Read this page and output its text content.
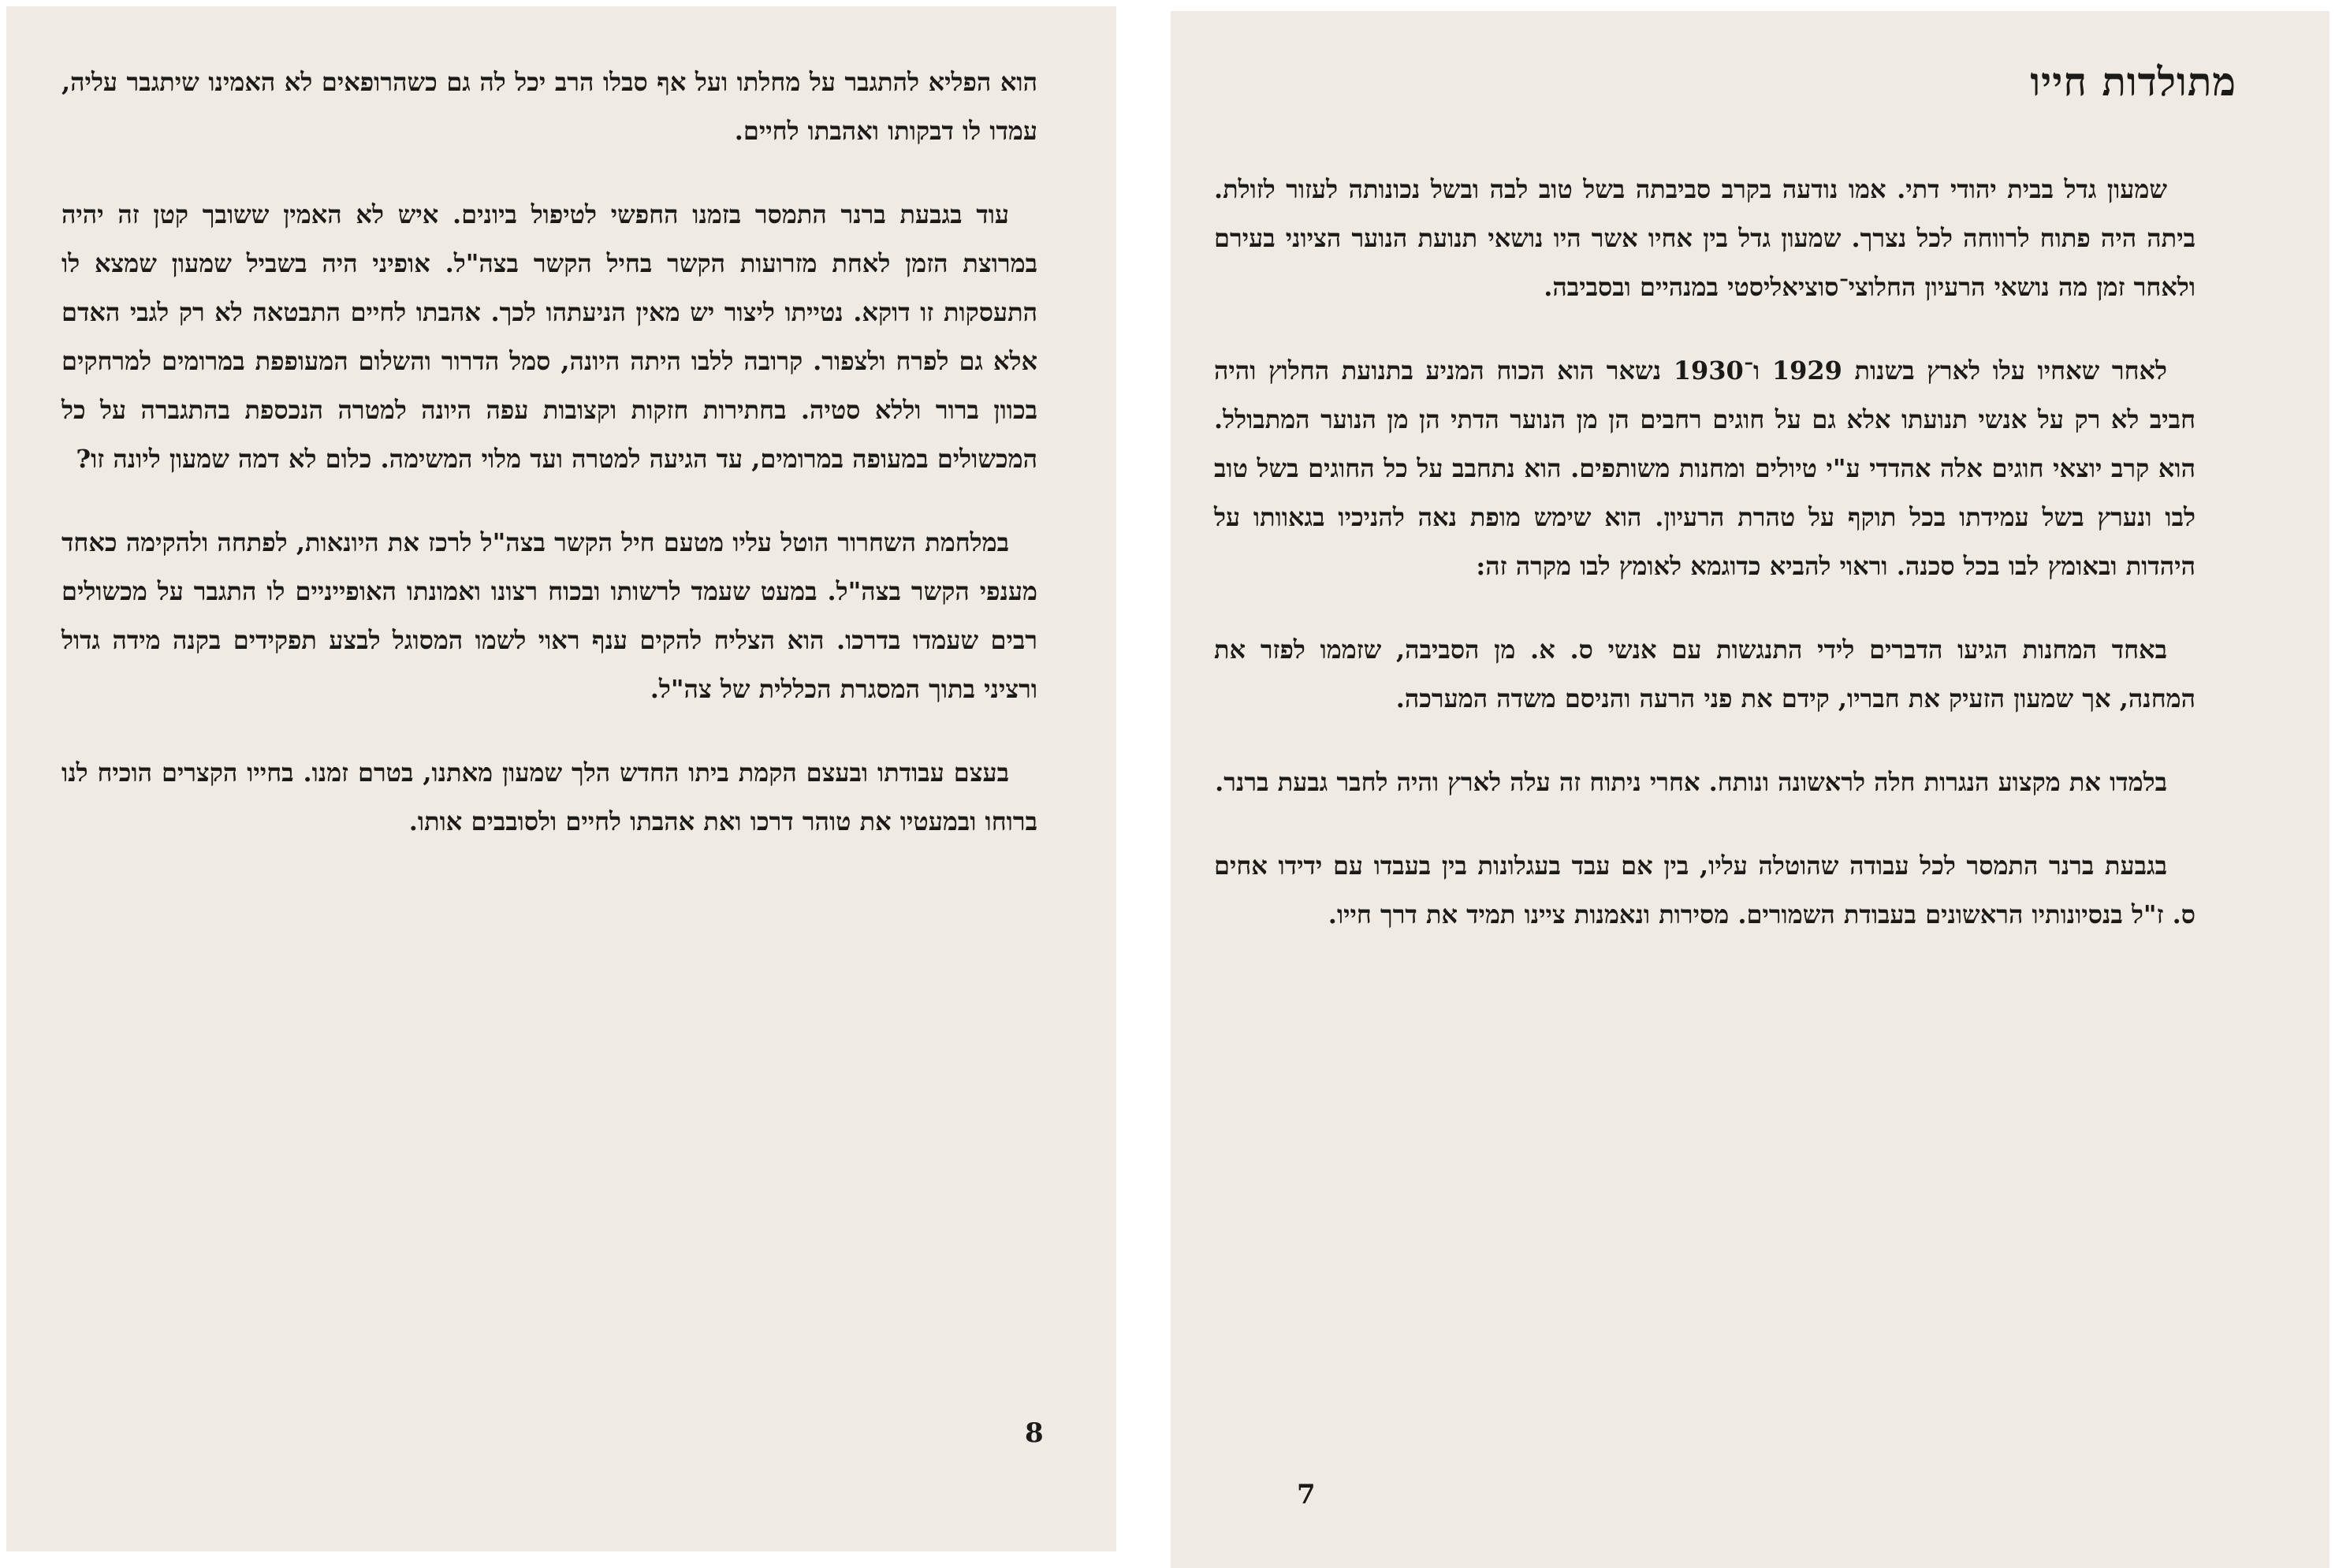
הוא הפליא להתגבר על מחלתו ועל אף סבלו הרב יכל לה גם כשהרופאים לא האמינו שיתגבר עליה, עמדו לו דבקותו ואהבתו לחיים.

עוד בגבעת ברנר התמסר בזמנו החפשי לטיפול ביונים. איש לא האמין ששובך קטן זה יהיה במרוצת הזמן לאחת מזרועות הקשר בחיל הקשר בצה"ל. אופיני היה בשביל שמעון שמצא לו התעסקות זו דוקא. נטייתו ליצור יש מאין הניעתהו לכך. אהבתו לחיים התבטאה לא רק לגבי האדם אלא גם לפרח ולצפור. קרובה ללבו היתה היונה, סמל הדרור והשלום המעופפת במרומים למרחקים בכוון ברור וללא סטיה. בחתירות חזקות וקצובות עפה היונה למטרה הנכספת בהתגברה על כל המכשולים במעופה במרומים, עד הגיעה למטרה ועד מלוי המשימה. כלום לא דמה שמעון ליונה זו?

במלחמת השחרור הוטל עליו מטעם חיל הקשר בצה"ל לרכז את היונאות, לפתחה ולהקימה כאחד מענפי הקשר בצה"ל. במעט שעמד לרשותו ובכוח רצונו ואמונתו האופייניים לו התגבר על מכשולים רבים שעמדו בדרכו. הוא הצליח להקים ענף ראוי לשמו המסוגל לבצע תפקידים בקנה מידה גדול ורציני בתוך המסגרת הכללית של צה"ל.

בעצם עבודתו ובעצם הקמת ביתו החדש הלך שמעון מאתנו, בטרם זמנו. בחייו הקצרים הוכיח לנו ברוחו ובמעטיו את טוהר דרכו ואת אהבתו לחיים ולסובבים אותו.

8
מתולדות חייו

שמעון גדל בבית יהודי דתי. אמו נודעה בקרב סביבתה בשל טוב לבה ובשל נכונותה לעזור לזולת. ביתה היה פתוח לרווחה לכל נצרך. שמעון גדל בין אחיו אשר היו נושאי תנועת הנוער הציוני בעירם ולאחר זמן מה נושאי הרעיון החלוצי־סוציאליסטי במנהיים ובסביבה.

לאחר שאחיו עלו לארץ בשנות 1929 ו־1930 נשאר הוא הכוח המניע בתנועת החלוץ והיה חביב לא רק על אנשי תנועתו אלא גם על חוגים רחבים הן מן הנוער הדתי הן מן הנוער המתבולל. הוא קרב יוצאי חוגים אלה אהדדי ע"י טיולים ומחנות משותפים. הוא נתחבב על כל החוגים בשל טוב לבו ונערץ בשל עמידתו בכל תוקף על טהרת הרעיון. הוא שימש מופת נאה להניכיו בגאוותו על היהדות ובאומץ לבו בכל סכנה. וראוי להביא כדוגמא לאומץ לבו מקרה זה:

באחד המחנות הגיעו הדברים לידי התנגשות עם אנשי ס. א. מן הסביבה, שזממו לפזר את המחנה, אך שמעון הזעיק את חבריו, קידם את פני הרעה והניסם משדה המערכה.

בלמדו את מקצוע הנגרות חלה לראשונה ונותח. אחרי ניתוח זה עלה לארץ והיה לחבר גבעת ברנר.

בגבעת ברנר התמסר לכל עבודה שהוטלה עליו, בין אם עבד בעגלונות בין בעבדו עם ידידו אחים ס. ז"ל בנסיונותיו הראשונים בעבודת השמורים. מסירות ונאמנות ציינו תמיד את דרך חייו.

7
